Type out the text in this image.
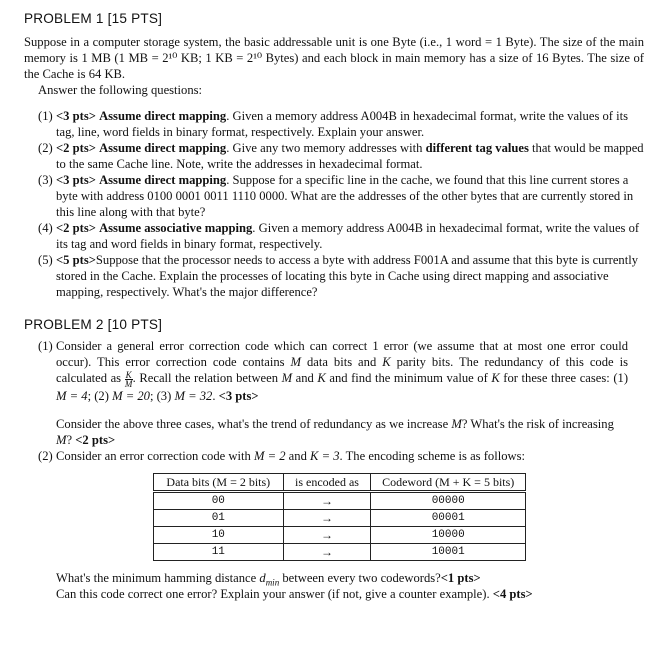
PROBLEM 1 [15 PTS]
Suppose in a computer storage system, the basic addressable unit is one Byte (i.e., 1 word = 1 Byte). The size of the main memory is 1 MB (1 MB = 2¹⁰ KB; 1 KB = 2¹⁰ Bytes) and each block in main memory has a size of 16 Bytes. The size of the Cache is 64 KB.
Answer the following questions:
(1) <3 pts> Assume direct mapping. Given a memory address A004B in hexadecimal format, write the values of its tag, line, word fields in binary format, respectively. Explain your answer.
(2) <2 pts> Assume direct mapping. Give any two memory addresses with different tag values that would be mapped to the same Cache line. Note, write the addresses in hexadecimal format.
(3) <3 pts> Assume direct mapping. Suppose for a specific line in the cache, we found that this line current stores a byte with address 0100 0001 0011 1110 0000. What are the addresses of the other bytes that are currently stored in this line along with that byte?
(4) <2 pts> Assume associative mapping. Given a memory address A004B in hexadecimal format, write the values of its tag and word fields in binary format, respectively.
(5) <5 pts>Suppose that the processor needs to access a byte with address F001A and assume that this byte is currently stored in the Cache. Explain the processes of locating this byte in Cache using direct mapping and associative mapping, respectively. What's the major difference?
PROBLEM 2 [10 PTS]
(1) Consider a general error correction code which can correct 1 error (we assume that at most one error could occur). This error correction code contains M data bits and K parity bits. The redundancy of this code is calculated as $\frac{K}{M}$ . Recall the relation between M and K and find the minimum value of K for these three cases: (1) M = 4; (2) M = 20; (3) M = 32. <3 pts>
Consider the above three cases, what's the trend of redundancy as we increase M? What's the risk of increasing M? <2 pts>
(2) Consider an error correction code with M = 2 and K = 3. The encoding scheme is as follows:
Data bits (M = 2 bits)	is encoded as	Codeword (M + K = 5 bits)
00	→	00000
01	→	00001
10	→	10000
11	→	10001
What's the minimum hamming distance $d_{min}$ between every two codewords?<1 pts>
Can this code correct one error? Explain your answer (if not, give a counter example). <4 pts>
